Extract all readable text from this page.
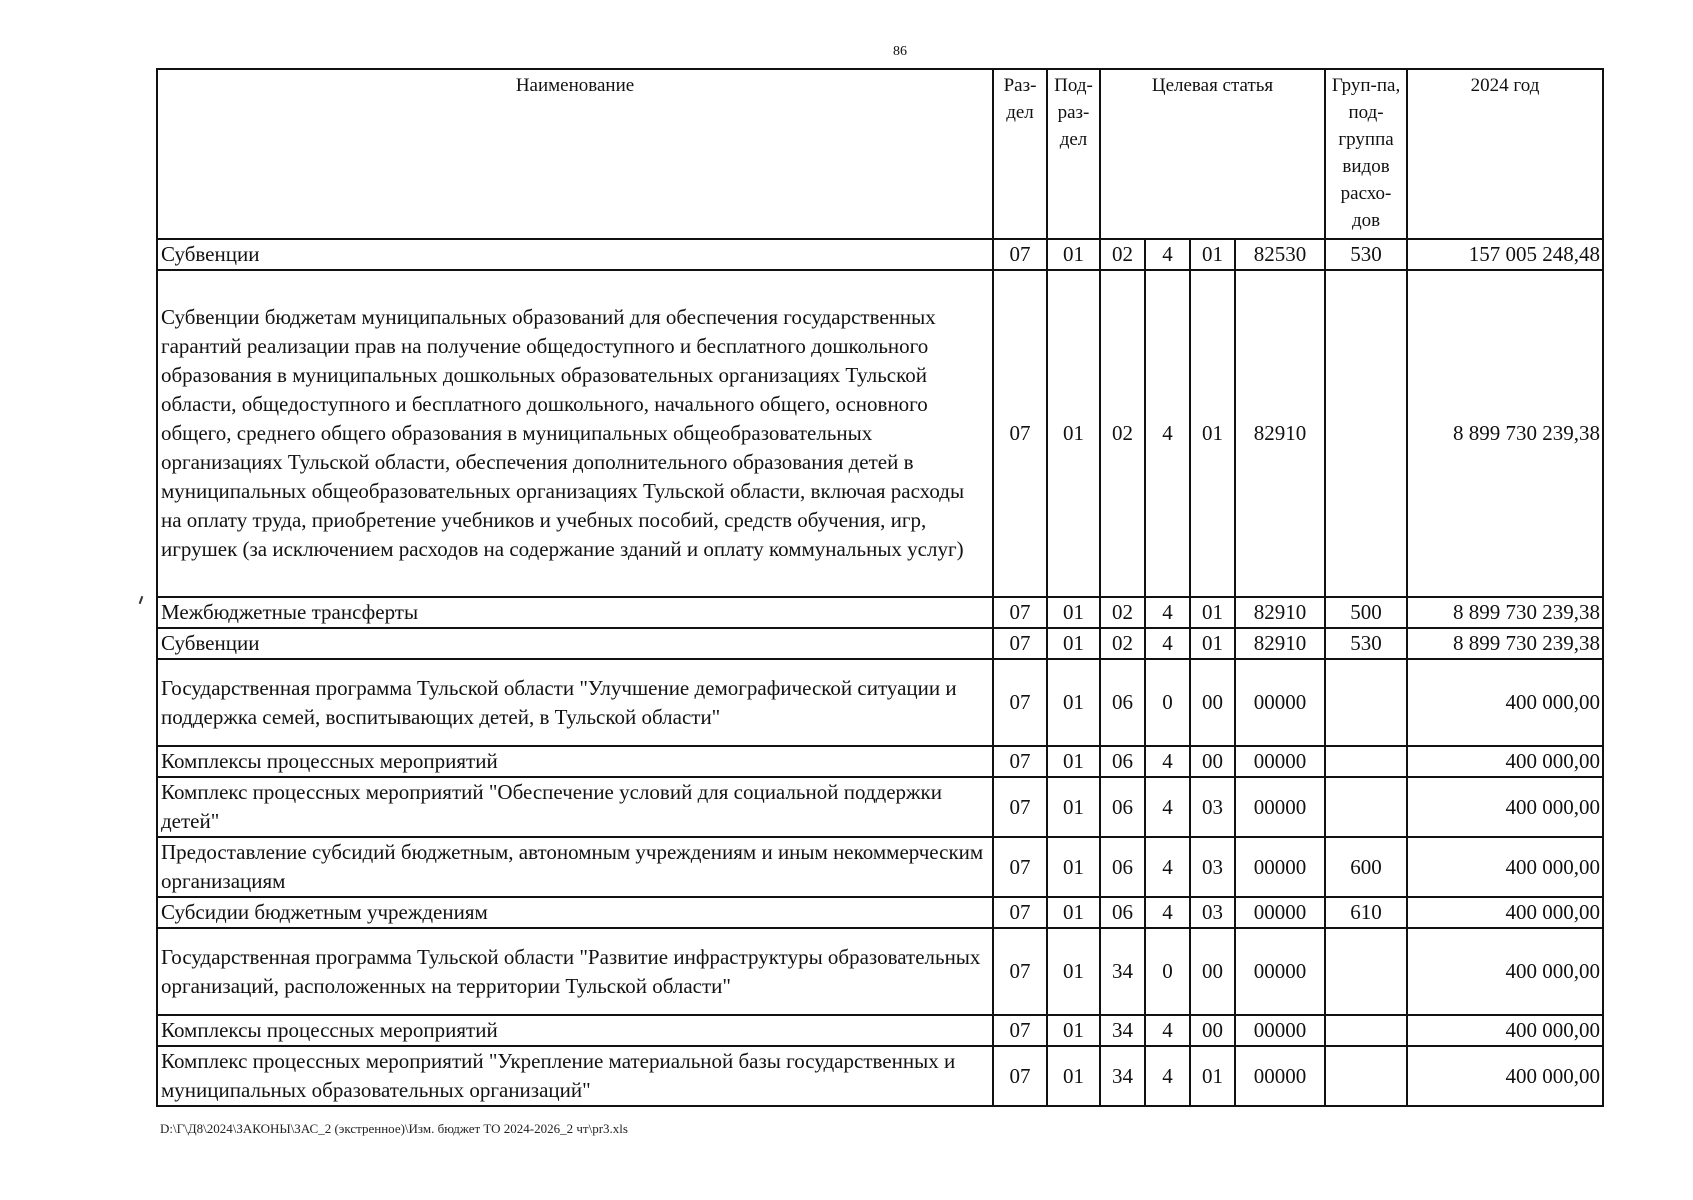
86
Наименование	Раз-дел	Под-раз-дел	Целевая статья				Груп-па, под-группа видов расхо-дов	2024 год
Субвенции	07	01	02	4	01	82530	530	157 005 248,48
Субвенции бюджетам муниципальных образований для обеспечения государственных гарантий реализации прав на получение общедоступного и бесплатного дошкольного образования в муниципальных дошкольных образовательных организациях Тульской области, общедоступного и бесплатного дошкольного, начального общего, основного общего, среднего общего образования в муниципальных общеобразовательных организациях Тульской области, обеспечения дополнительного образования детей в муниципальных общеобразовательных организациях Тульской области, включая расходы на оплату труда, приобретение учебников и учебных пособий, средств обучения, игр, игрушек (за исключением расходов на содержание зданий и оплату коммунальных услуг)	07	01	02	4	01	82910		8 899 730 239,38
Межбюджетные трансферты	07	01	02	4	01	82910	500	8 899 730 239,38
Субвенции	07	01	02	4	01	82910	530	8 899 730 239,38
Государственная программа Тульской области "Улучшение демографической ситуации и поддержка семей, воспитывающих детей, в Тульской области"	07	01	06	0	00	00000		400 000,00
Комплексы процессных мероприятий	07	01	06	4	00	00000		400 000,00
Комплекс процессных мероприятий "Обеспечение условий для социальной поддержки детей"	07	01	06	4	03	00000		400 000,00
Предоставление субсидий бюджетным, автономным учреждениям и иным некоммерческим организациям	07	01	06	4	03	00000	600	400 000,00
Субсидии бюджетным учреждениям	07	01	06	4	03	00000	610	400 000,00
Государственная программа Тульской области "Развитие инфраструктуры образовательных организаций, расположенных на территории Тульской области"	07	01	34	0	00	00000		400 000,00
Комплексы процессных мероприятий	07	01	34	4	00	00000		400 000,00
Комплекс процессных мероприятий "Укрепление материальной базы государственных и муниципальных образовательных организаций"	07	01	34	4	01	00000		400 000,00
D:\Г\Д8\2024\ЗАКОНЫ\ЗАС_2 (экстренное)\Изм. бюджет ТО 2024-2026_2 чт\pr3.xls
